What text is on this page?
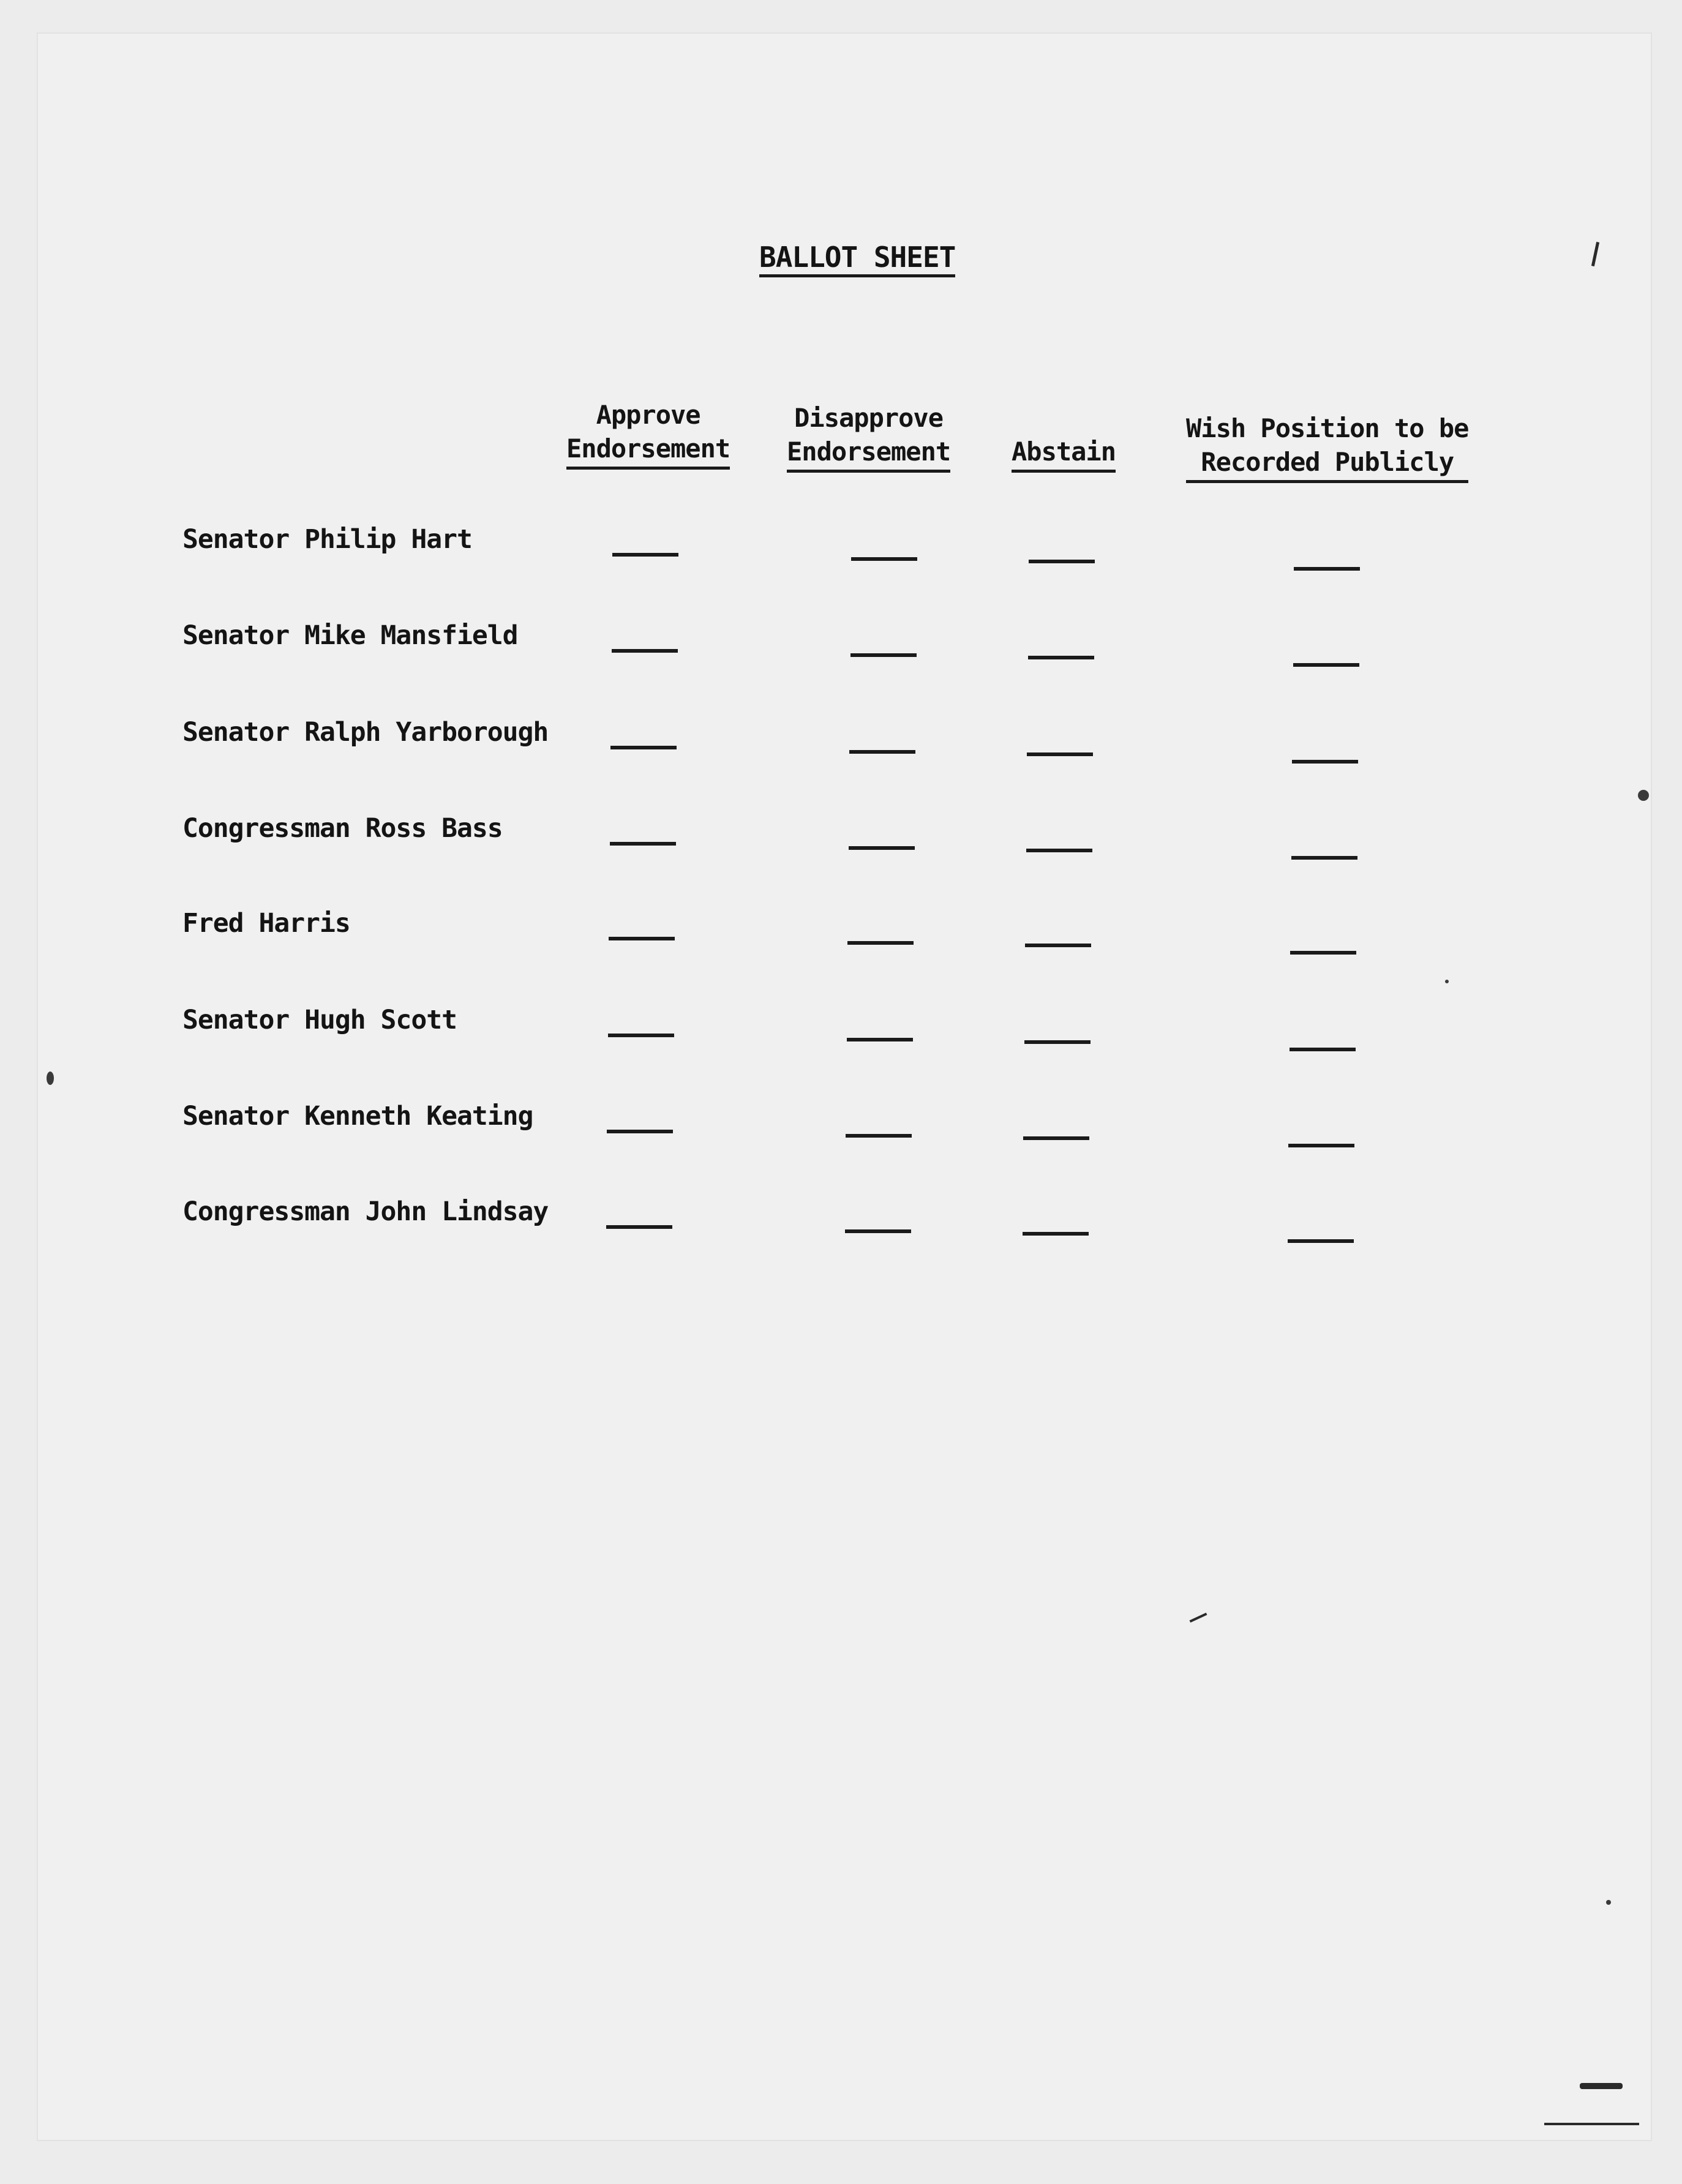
BALLOT SHEET
Approve
Endorsement
Disapprove
Endorsement Abstain
Wish Position to be
Recorded Publicly
Senator Philip Hart
Senator Mike Mansfield
Senator Ralph Yarborough
Congressman Ross Bass
Fred Harris
Senator Hugh Scott
Senator Kenneth Keating
Congressman John Lindsay
